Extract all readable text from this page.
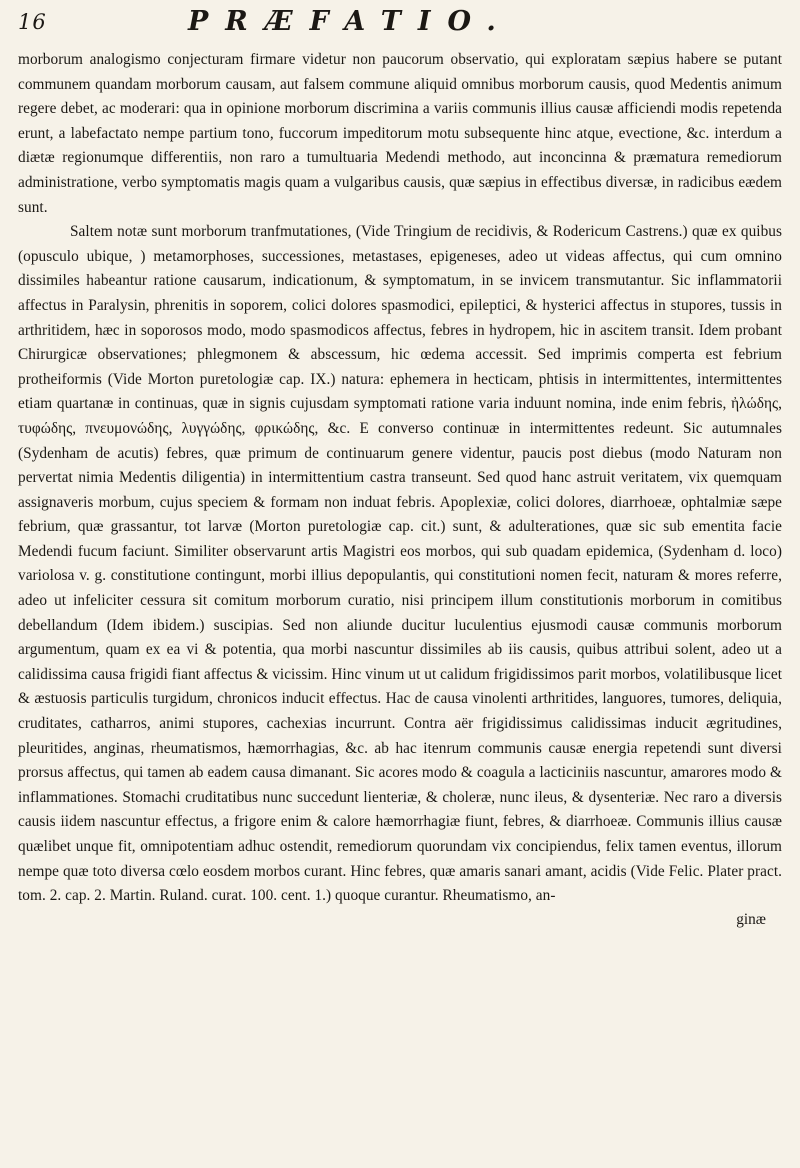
16	PRÆFATIO.

morborum analogismo conjecturam firmare videtur non paucorum observatio, qui exploratam sæpius habere se putant communem quandam morborum causam, aut falsem commune aliquid omnibus morborum causis, quod Medentis animum regere debet, ac moderari: qua in opinione morborum discrimina a variis communis illius causæ afficiendi modis repetenda erunt, a labefactato nempe partium tono, fuccorum impeditorum motu subsequente hinc atque, evectione, &c. interdum a diætæ regionumque differentiis, non raro a tumultuaria Medendi methodo, aut inconcinna & præmatura remediorum administratione, verbo symptomatis magis quam a vulgaribus causis, quæ sæpius in effectibus diversæ, in radicibus eædem sunt.

Saltem notæ sunt morborum tranfmutationes, (Vide Tringium de recidivis, & Rodericum Castrens.) quæ ex quibus (opusculo ubique, ) metamorphoses, successiones, metastases, epigeneses, adeo ut videas affectus, qui cum omnino dissimiles habeantur ratione causarum, indicationum, & symptomatum, in se invicem transmutantur. Sic inflammatorii affectus in Paralysin, phrenitis in soporem, colici dolores spasmodici, epileptici, & hysterici affectus in stupores, tussis in arthritidem, hæc in soporosos modo, modo spasmodicos affectus, febres in hydropem, hic in ascitem transit. Idem probant Chirurgicæ observationes; phlegmonem & abscessum, hic œdema accessit. Sed imprimis comperta est febrium protheiformis (Vide Morton puretologiæ cap. IX.) natura: ephemera in hecticam, phtisis in intermittentes, intermittentes etiam quartanæ in continuas, quæ in signis cujusdam symptomati ratione varia induunt nomina, inde enim febris, ἠλώδης, τυφώδης, πνευμονώδης, λυγγώδης, φρικώδης, &c. E converso continuæ in intermittentes redeunt. Sic autumnales (Sydenham de acutis) febres, quæ primum de continuarum genere videntur, paucis post diebus (modo Naturam non pervertat nimia Medentis diligentia) in intermittentium castra transeunt. Sed quod hanc astruit veritatem, vix quemquam assignaveris morbum, cujus speciem & formam non induat febris. Apoplexiæ, colici dolores, diarrhoeæ, ophtalmiæ sæpe febrium, quæ grassantur, tot larvæ (Morton puretologiæ cap. cit.) sunt, & adulterationes, quæ sic sub ementita facie Medendi fucum faciunt. Similiter observarunt artis Magistri eos morbos, qui sub quadam epidemica, (Sydenham d. loco) variolosa v. g. constitutione contingunt, morbi illius depopulantis, qui constitutioni nomen fecit, naturam & mores referre, adeo ut infeliciter cessura sit comitum morborum curatio, nisi principem illum constitutionis morborum in comitibus debellandum (Idem ibidem.) suscipias. Sed non aliunde ducitur luculentius ejusmodi causæ communis morborum argumentum, quam ex ea vi & potentia, qua morbi nascuntur dissimiles ab iis causis, quibus attribui solent, adeo ut a calidissima causa frigidi fiant affectus & vicissim. Hinc vinum ut ut calidum frigidissimos parit morbos, volatilibusque licet & æstuosis particulis turgidum, chronicos inducit effectus. Hac de causa vinolenti arthritides, languores, tumores, deliquia, cruditates, catharros, animi stupores, cachexias incurrunt. Contra aër frigidissimus calidissimas inducit ægritudines, pleuritides, anginas, rheumatismos, hæmorrhagias, &c. ab hac itenrum communis causæ energia repetendi sunt diversi prorsus affectus, qui tamen ab eadem causa dimanant. Sic acores modo & coagula a lacticiniis nascuntur, amarores modo & inflammationes. Stomachi cruditatibus nunc succedunt lienteriæ, & choleræ, nunc ileus, & dysenteriæ. Nec raro a diversis causis iidem nascuntur effectus, a frigore enim & calore hæmorrhagiæ fiunt, febres, & diarrhoeæ. Communis illius causæ quælibet unque fit, omnipotentiam adhuc ostendit, remediorum quorundam vix concipiendus, felix tamen eventus, illorum nempe quæ toto diversa cœlo eosdem morbos curant. Hinc febres, quæ amaris sanari amant, acidis (Vide Felic. Plater pract. tom. 2. cap. 2. Martin. Ruland. curat. 100. cent. 1.) quoque curantur. Rheumatismo, an-

ginæ
